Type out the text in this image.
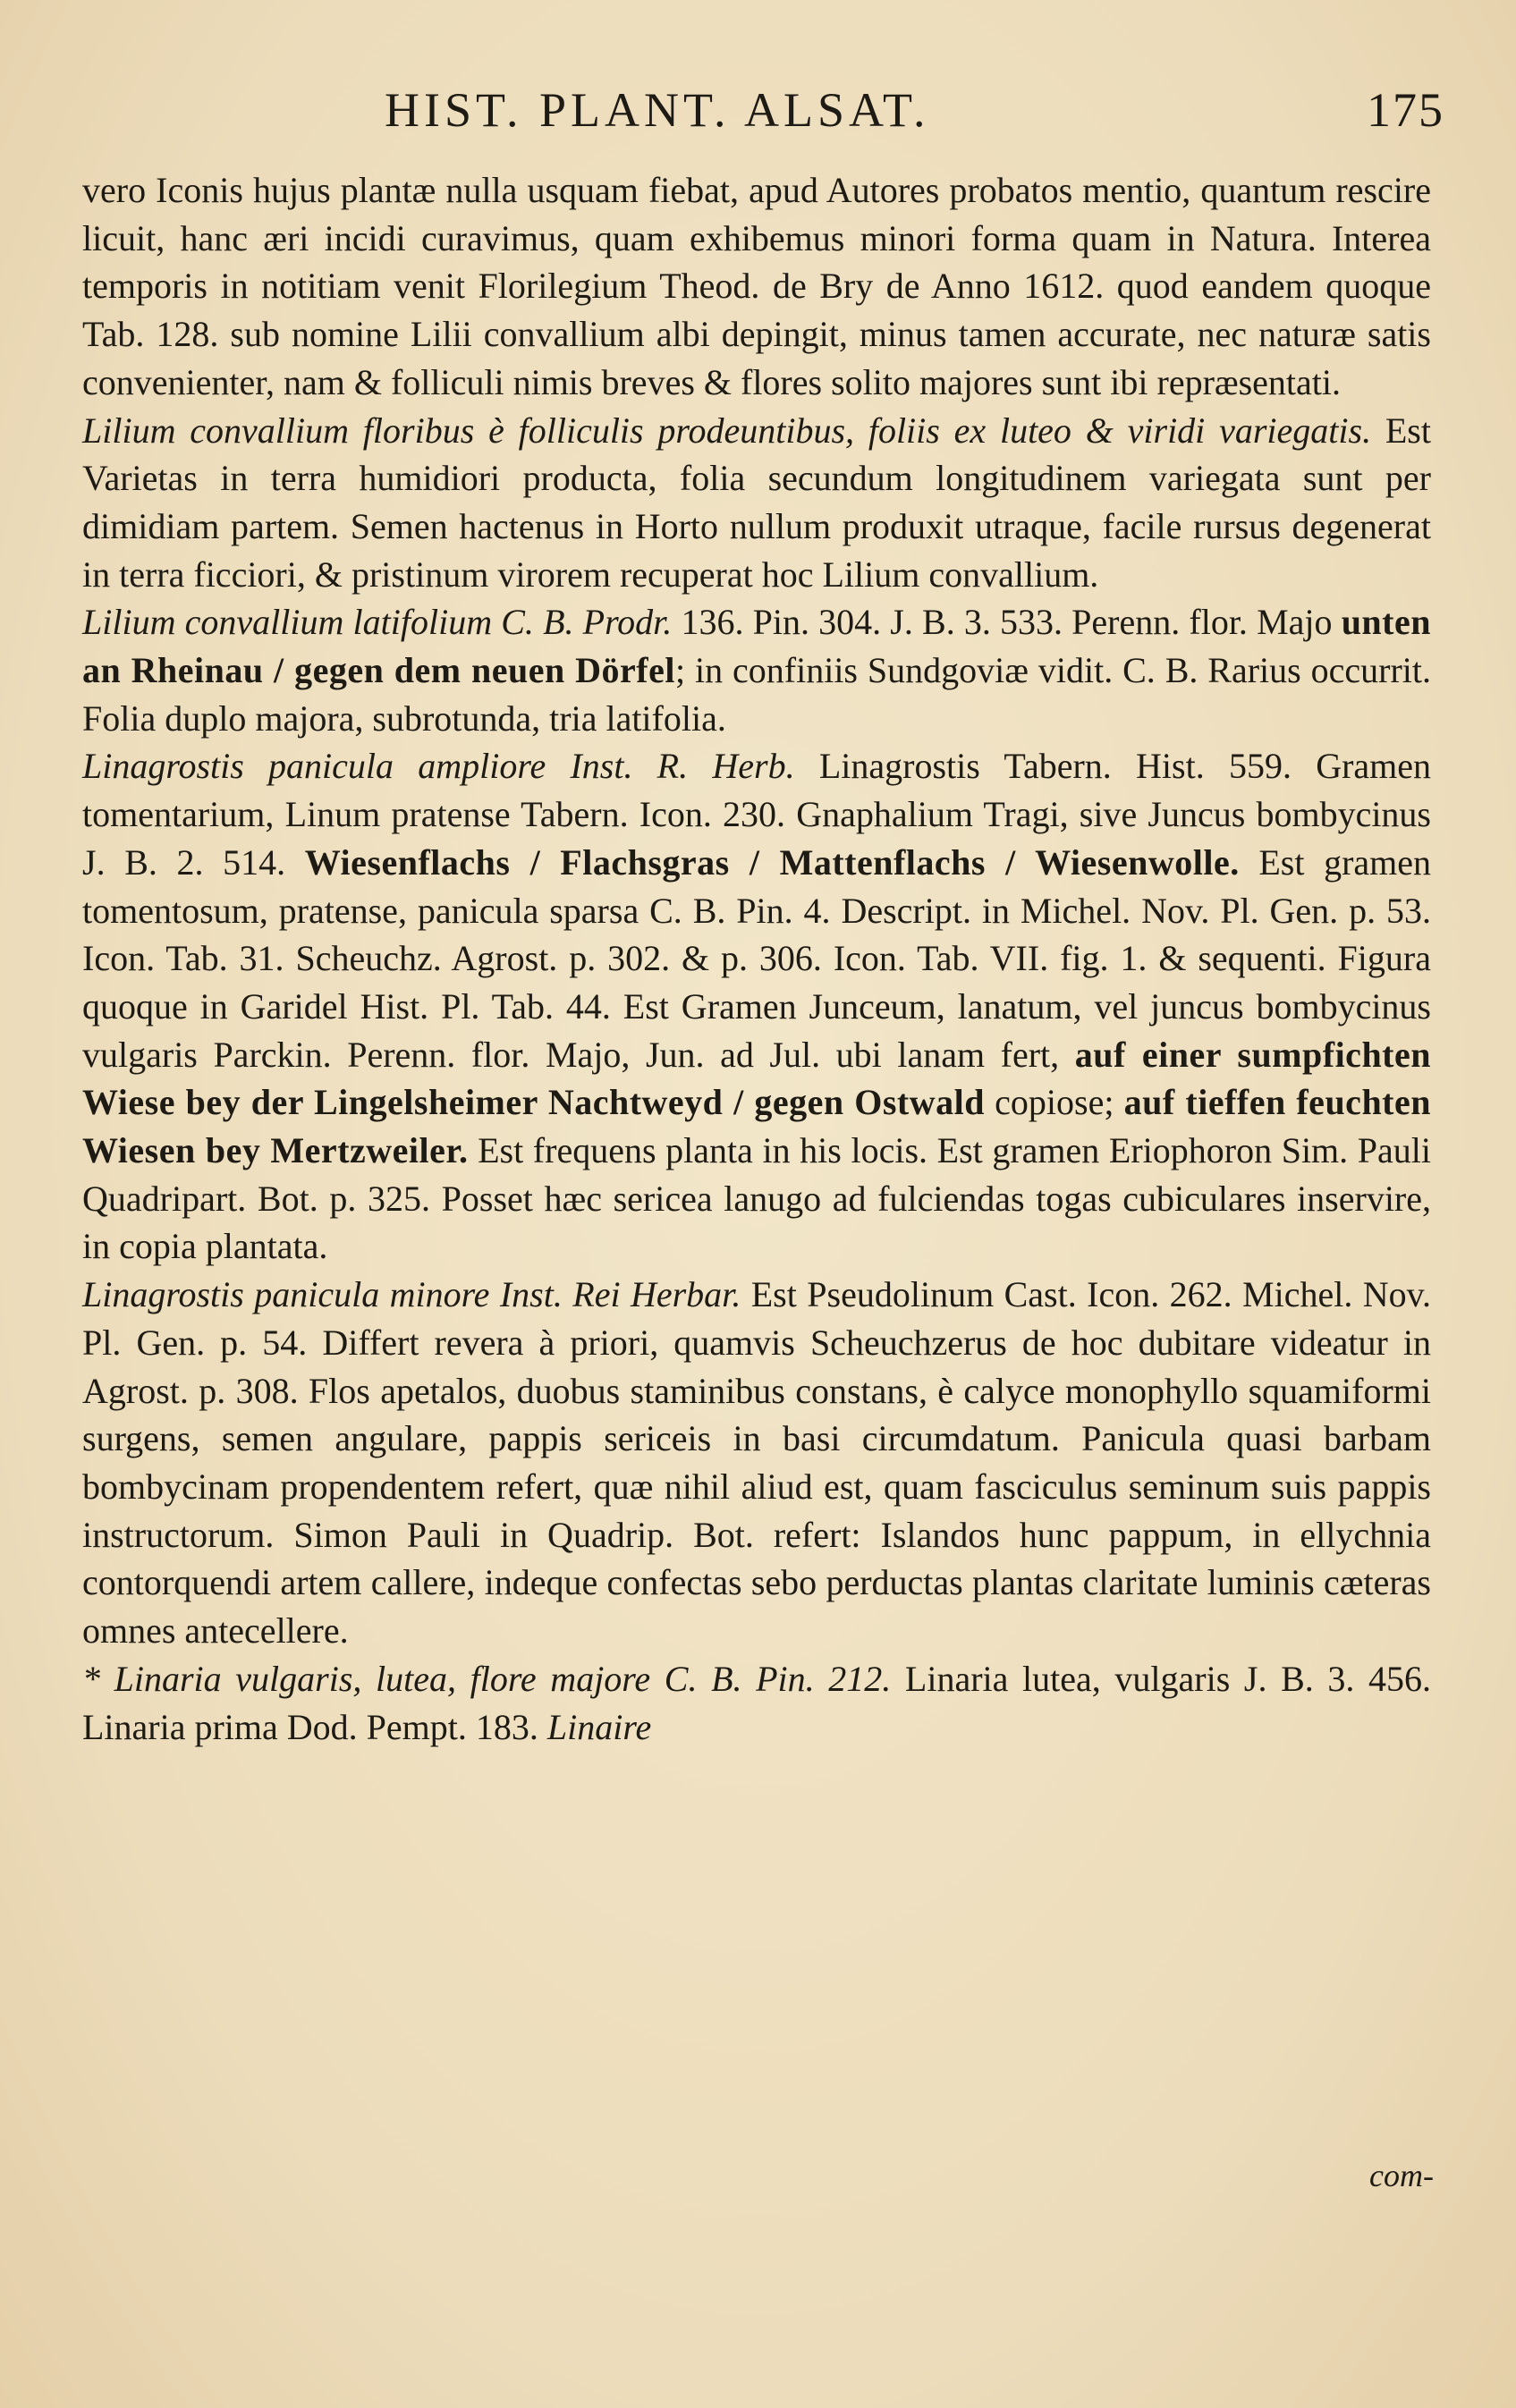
HIST. PLANT. ALSAT.	175

vero Iconis hujus plantæ nulla usquam fiebat, apud Autores probatos mentio, quantum rescire licuit, hanc æri incidi curavimus, quam exhibemus minori forma quam in Natura. Interea temporis in notitiam venit Florilegium Theod. de Bry de Anno 1612. quod eandem quoque Tab. 128. sub nomine Lilii convallium albi depingit, minus tamen accurate, nec naturæ satis convenienter, nam & folliculi nimis breves & flores solito majores sunt ibi repræsentati.

Lilium convallium floribus è folliculis prodeuntibus, foliis ex luteo & viridi variegatis. Est Varietas in terra humidiori producta, folia secundum longitudinem variegata sunt per dimidiam partem. Semen hactenus in Horto nullum produxit utraque, facile rursus degenerat in terra ficciori, & pristinum virorem recuperat hoc Lilium convallium.

Lilium convallium latifolium C. B. Prodr. 136. Pin. 304. J. B. 3. 533. Perenn. flor. Majo unten an Rheinau / gegen dem neuen Dörfel; in confiniis Sundgoviæ vidit. C. B. Rarius occurrit. Folia duplo majora, subrotunda, tria latifolia.

Linagrostis panicula ampliore Inst. R. Herb. Linagrostis Tabern. Hist. 559. Gramen tomentarium, Linum pratense Tabern. Icon. 230. Gnaphalium Tragi, sive Juncus bombycinus J. B. 2. 514. Wiesenflachs / Flachsgras / Mattenflachs / Wiesenwolle. Est gramen tomentosum, pratense, panicula sparsa C. B. Pin. 4. Descript. in Michel. Nov. Pl. Gen. p. 53. Icon. Tab. 31. Scheuchz. Agrost. p. 302. & p. 306. Icon. Tab. VII. fig. 1. & sequenti. Figura quoque in Garidel Hist. Pl. Tab. 44. Est Gramen Junceum, lanatum, vel juncus bombycinus vulgaris Parckin. Perenn. flor. Majo, Jun. ad Jul. ubi lanam fert, auf einer sumpfichten Wiese bey der Lingelsheimer Nachtweyd / gegen Ostwald copiose; auf tieffen feuchten Wiesen bey Mertzweiler. Est frequens planta in his locis. Est gramen Eriophoron Sim. Pauli Quadripart. Bot. p. 325. Posset hæc sericea lanugo ad fulciendas togas cubiculares inservire, in copia plantata.

Linagrostis panicula minore Inst. Rei Herbar. Est Pseudolinum Cast. Icon. 262. Michel. Nov. Pl. Gen. p. 54. Differt revera à priori, quamvis Scheuchzerus de hoc dubitare videatur in Agrost. p. 308. Flos apetalos, duobus staminibus constans, è calyce monophyllo squamiformi surgens, semen angulare, pappis sericeis in basi circumdatum. Panicula quasi barbam bombycinam propendentem refert, quæ nihil aliud est, quam fasciculus seminum suis pappis instructorum. Simon Pauli in Quadrip. Bot. refert: Islandos hunc pappum, in ellychnia contorquendi artem callere, indeque confectas sebo perductas plantas claritate luminis cæteras omnes antecellere.

* Linaria vulgaris, lutea, flore majore C. B. Pin. 212. Linaria lutea, vulgaris J. B. 3. 456. Linaria prima Dod. Pempt. 183. Linaire

com-
